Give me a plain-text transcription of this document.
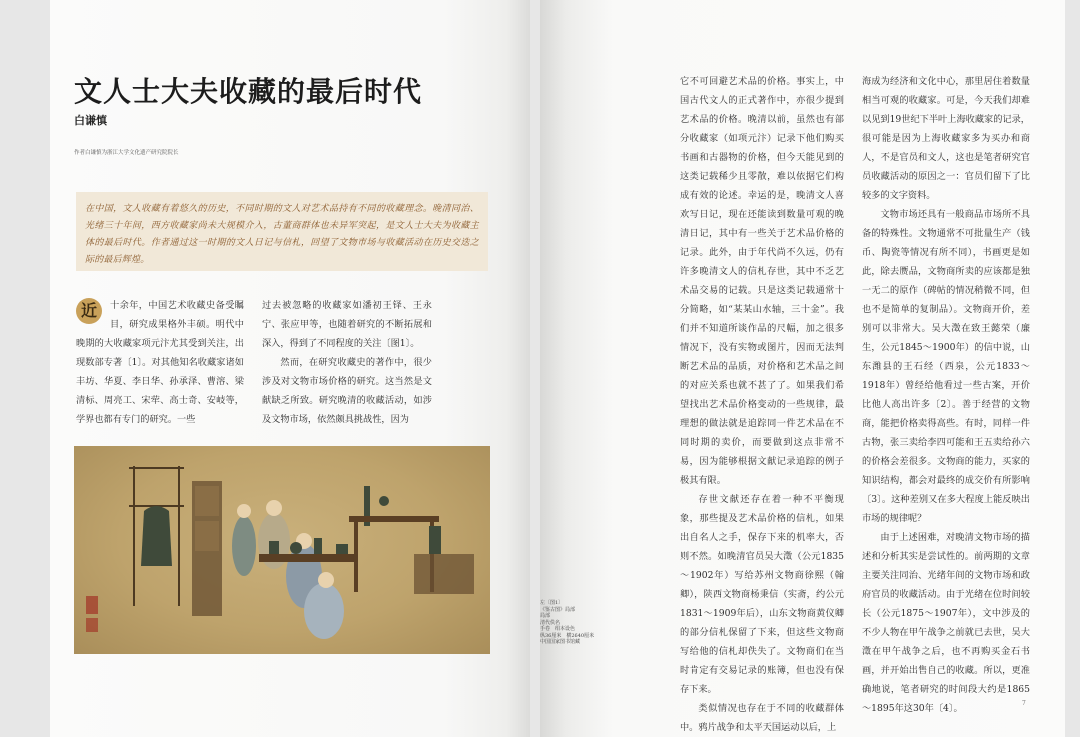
文人士大夫收藏的最后时代
白谦慎
作者白谦慎为浙江大学文化遗产研究院院长

在中国，文人收藏有着悠久的历史，不同时期的文人对艺术品持有不同的收藏理念。晚清同治、光绪三十年间，西方收藏家尚未大规模介入，古董商群体也未异军突起，是文人士大夫为收藏主体的最后时代。作者通过这一时期的文人日记与信札，回望了文物市场与收藏活动在历史交迭之际的最后辉煌。

近	十余年，中国艺术收藏史备受瞩目，研究成果格外丰硕。明代中晚期的大收藏家项元汴尤其受到关注，出现数部专著〔1〕。对其他知名收藏家诸如丰坊、华夏、李日华、孙承泽、曹溶、梁清标、周亮工、宋荦、高士奇、安岐等，学界也都有专门的研究。一些

过去被忽略的收藏家如潘初王铎、王永宁、张应甲等，也随着研究的不断拓展和深入，得到了不同程度的关注〔图1〕。

然而，在研究收藏史的著作中，很少涉及对文物市场价格的研究。这当然是文献缺乏所致。研究晚清的收藏活动，如涉及文物市场，依然颇具挑战性，因为

它不可回避艺术品的价格。事实上，中国古代文人的正式著作中，亦很少提到艺术品的价格。晚清以前，虽然也有部分收藏家（如项元汴）记录下他们购买书画和古器物的价格，但今天能见到的这类记载稀少且零散，难以依据它们构成有效的论述。幸运的是，晚清文人喜欢写日记，现在还能读到数量可观的晚清日记，其中有一些关于艺术品价格的记录。此外，由于年代尚不久远，仍有许多晚清文人的信札存世，其中不乏艺术品交易的记载。只是这类记载通常十分简略，如“某某山水轴，三十金”。我们并不知道所谈作品的尺幅，加之很多情况下，没有实物或图片，因而无法判断艺术品的品质，对价格和艺术品之间的对应关系也就不甚了了。如果我们希望找出艺术品价格变动的一些规律，最理想的做法就是追踪同一件艺术品在不同时期的卖价，而要做到这点非常不易，因为能够根据文献记录追踪的例子极其有限。

存世文献还存在着一种不平衡现象，那些提及艺术品价格的信札，如果出自名人之手，保存下来的机率大，否则不然。如晚清官员吴大澂（公元1835～1902年）写给苏州文物商徐熙（翰卿），陕西文物商杨秉信（实斋，约公元1831～1909年后），山东文物商黄仪卿的部分信札保留了下来，但这些文物商写给他的信札却佚失了。文物商们在当时肯定有交易记录的账簿，但也没有保存下来。

类似情况也存在于不同的收藏群体中。鸦片战争和太平天国运动以后，上

海成为经济和文化中心，那里居住着数量相当可观的收藏家。可是，今天我们却难以见到19世纪下半叶上海收藏家的记录，很可能是因为上海收藏家多为买办和商人，不是官员和文人，这也是笔者研究官员收藏活动的原因之一：官员们留下了比较多的文字资料。

文物市场还具有一般商品市场所不具备的特殊性。文物通常不可批量生产（钱币、陶瓷等情况有所不同），书画更是如此，除去赝品，文物商所卖的应该都是独一无二的原作（碑帖的情况稍微不同，但也不是简单的复制品）。文物商开价，差别可以非常大。吴大澂在致王懿荣（廉生，公元1845～1900年）的信中说，山东潍县的王石经（西泉，公元1833～1918年）曾经给他看过一些古案，开价比他人高出许多〔2〕。善于经营的文物商，能把价格卖得高些。有时，同样一件古物，张三卖给李四可能和王五卖给孙六的价格会差很多。文物商的能力，买家的知识结构，都会对最终的成交价有所影响〔3〕。这种差别又在多大程度上能反映出市场的规律呢？

由于上述困难，对晚清文物市场的描述和分析其实是尝试性的。前两期的文章主要关注同治、光绪年间的文物市场和政府官员的收藏活动。由于光绪在位时间较长（公元1875～1907年），文中涉及的不少人物在甲午战争之前就已去世，吴大澂在甲午战争之后，也不再购买金石书画，并开始出售自己的收藏。所以，更准确地说，笔者研究的时间段大约是1865～1895年这30年〔4〕。	7
左〔图1〕
《鉴古图》局部
局部
清代佚名
手卷　绢本设色
纵36厘米　横2640厘米
中国国家图书馆藏
